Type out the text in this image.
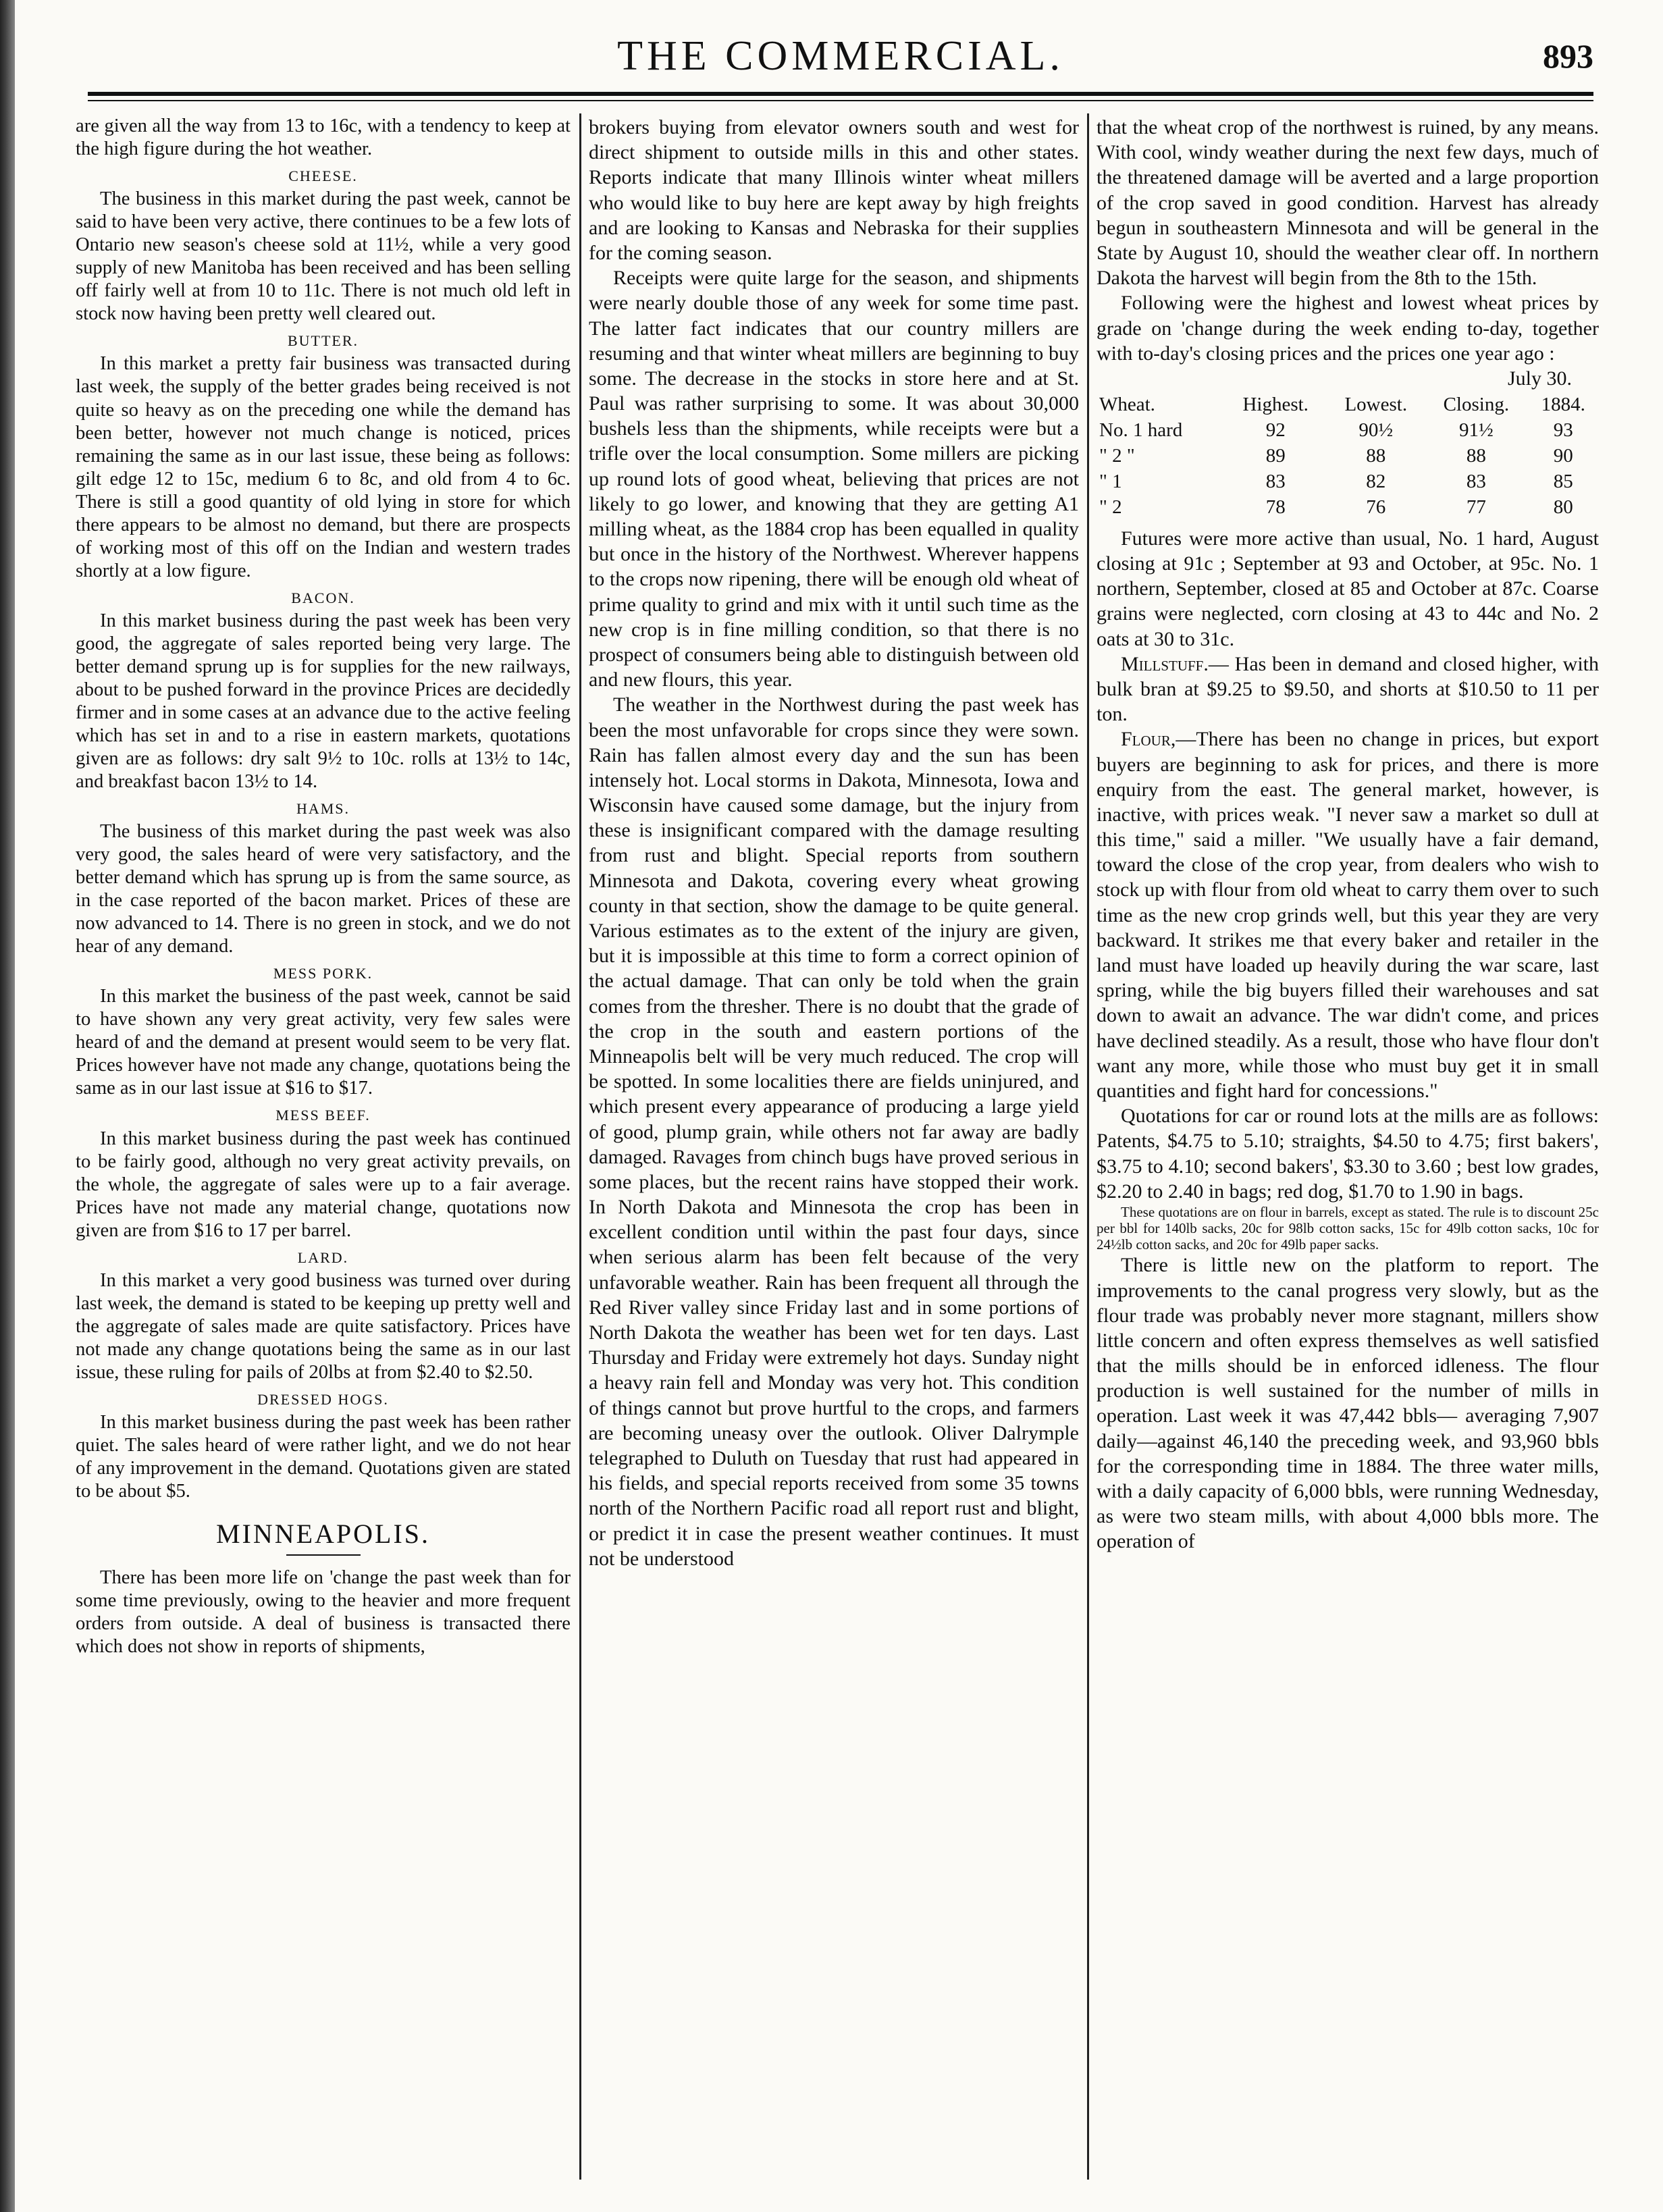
THE COMMERCIAL.	893

are given all the way from 13 to 16c, with a tendency to keep at the high figure during the hot weather.

CHEESE.

The business in this market during the past week, cannot be said to have been very active, there continues to be a few lots of Ontario new season's cheese sold at 11½, while a very good supply of new Manitoba has been received and has been selling off fairly well at from 10 to 11c. There is not much old left in stock now having been pretty well cleared out.

BUTTER.

In this market a pretty fair business was transacted during last week, the supply of the better grades being received is not quite so heavy as on the preceding one while the demand has been better, however not much change is noticed, prices remaining the same as in our last issue, these being as follows: gilt edge 12 to 15c, medium 6 to 8c, and old from 4 to 6c. There is still a good quantity of old lying in store for which there appears to be almost no demand, but there are prospects of working most of this off on the Indian and western trades shortly at a low figure.

BACON.

In this market business during the past week has been very good, the aggregate of sales reported being very large. The better demand sprung up is for supplies for the new railways, about to be pushed forward in the province Prices are decidedly firmer and in some cases at an advance due to the active feeling which has set in and to a rise in eastern markets, quotations given are as follows: dry salt 9½ to 10c. rolls at 13½ to 14c, and breakfast bacon 13½ to 14.

HAMS.

The business of this market during the past week was also very good, the sales heard of were very satisfactory, and the better demand which has sprung up is from the same source, as in the case reported of the bacon market. Prices of these are now advanced to 14. There is no green in stock, and we do not hear of any demand.

MESS PORK.

In this market the business of the past week, cannot be said to have shown any very great activity, very few sales were heard of and the demand at present would seem to be very flat. Prices however have not made any change, quotations being the same as in our last issue at $16 to $17.

MESS BEEF.

In this market business during the past week has continued to be fairly good, although no very great activity prevails, on the whole, the aggregate of sales were up to a fair average. Prices have not made any material change, quotations now given are from $16 to 17 per barrel.

LARD.

In this market a very good business was turned over during last week, the demand is stated to be keeping up pretty well and the aggregate of sales made are quite satisfactory. Prices have not made any change quotations being the same as in our last issue, these ruling for pails of 20lbs at from $2.40 to $2.50.

DRESSED HOGS.

In this market business during the past week has been rather quiet. The sales heard of were rather light, and we do not hear of any improvement in the demand. Quotations given are stated to be about $5.

MINNEAPOLIS.

There has been more life on 'change the past week than for some time previously, owing to the heavier and more frequent orders from outside. A deal of business is transacted there which does not show in reports of shipments,

brokers buying from elevator owners south and west for direct shipment to outside mills in this and other states. Reports indicate that many Illinois winter wheat millers who would like to buy here are kept away by high freights and are looking to Kansas and Nebraska for their supplies for the coming season.

Receipts were quite large for the season, and shipments were nearly double those of any week for some time past. The latter fact indicates that our country millers are resuming and that winter wheat millers are beginning to buy some. The decrease in the stocks in store here and at St. Paul was rather surprising to some. It was about 30,000 bushels less than the shipments, while receipts were but a trifle over the local consumption. Some millers are picking up round lots of good wheat, believing that prices are not likely to go lower, and knowing that they are getting A1 milling wheat, as the 1884 crop has been equalled in quality but once in the history of the Northwest. Wherever happens to the crops now ripening, there will be enough old wheat of prime quality to grind and mix with it until such time as the new crop is in fine milling condition, so that there is no prospect of consumers being able to distinguish between old and new flours, this year.

The weather in the Northwest during the past week has been the most unfavorable for crops since they were sown. Rain has fallen almost every day and the sun has been intensely hot. Local storms in Dakota, Minnesota, Iowa and Wisconsin have caused some damage, but the injury from these is insignificant compared with the damage resulting from rust and blight. Special reports from southern Minnesota and Dakota, covering every wheat growing county in that section, show the damage to be quite general. Various estimates as to the extent of the injury are given, but it is impossible at this time to form a correct opinion of the actual damage. That can only be told when the grain comes from the thresher. There is no doubt that the grade of the crop in the south and eastern portions of the Minneapolis belt will be very much reduced. The crop will be spotted. In some localities there are fields uninjured, and which present every appearance of producing a large yield of good, plump grain, while others not far away are badly damaged. Ravages from chinch bugs have proved serious in some places, but the recent rains have stopped their work. In North Dakota and Minnesota the crop has been in excellent condition until within the past four days, since when serious alarm has been felt because of the very unfavorable weather. Rain has been frequent all through the Red River valley since Friday last and in some portions of North Dakota the weather has been wet for ten days. Last Thursday and Friday were extremely hot days. Sunday night a heavy rain fell and Monday was very hot. This condition of things cannot but prove hurtful to the crops, and farmers are becoming uneasy over the outlook. Oliver Dalrymple telegraphed to Duluth on Tuesday that rust had appeared in his fields, and special reports received from some 35 towns north of the Northern Pacific road all report rust and blight, or predict it in case the present weather continues. It must not be understood

that the wheat crop of the northwest is ruined, by any means. With cool, windy weather during the next few days, much of the threatened damage will be averted and a large proportion of the crop saved in good condition. Harvest has already begun in southeastern Minnesota and will be general in the State by August 10, should the weather clear off. In northern Dakota the harvest will begin from the 8th to the 15th.

Following were the highest and lowest wheat prices by grade on 'change during the week ending to-day, together with to-day's closing prices and the prices one year ago :

July 30.
Wheat.	Highest.	Lowest.	Closing.	1884.
No. 1 hard	92	90½	91½	93
" 2 "	89	88	88	90
" 1	83	82	83	85
" 2	78	76	77	80

Futures were more active than usual, No. 1 hard, August closing at 91c ; September at 93 and October, at 95c. No. 1 northern, September, closed at 85 and October at 87c. Coarse grains were neglected, corn closing at 43 to 44c and No. 2 oats at 30 to 31c.

Millstuff.— Has been in demand and closed higher, with bulk bran at $9.25 to $9.50, and shorts at $10.50 to 11 per ton.

Flour,—There has been no change in prices, but export buyers are beginning to ask for prices, and there is more enquiry from the east. The general market, however, is inactive, with prices weak. "I never saw a market so dull at this time," said a miller. "We usually have a fair demand, toward the close of the crop year, from dealers who wish to stock up with flour from old wheat to carry them over to such time as the new crop grinds well, but this year they are very backward. It strikes me that every baker and retailer in the land must have loaded up heavily during the war scare, last spring, while the big buyers filled their warehouses and sat down to await an advance. The war didn't come, and prices have declined steadily. As a result, those who have flour don't want any more, while those who must buy get it in small quantities and fight hard for concessions."

Quotations for car or round lots at the mills are as follows: Patents, $4.75 to 5.10; straights, $4.50 to 4.75; first bakers', $3.75 to 4.10; second bakers', $3.30 to 3.60 ; best low grades, $2.20 to 2.40 in bags; red dog, $1.70 to 1.90 in bags.

These quotations are on flour in barrels, except as stated. The rule is to discount 25c per bbl for 140lb sacks, 20c for 98lb cotton sacks, 15c for 49lb cotton sacks, 10c for 24½lb cotton sacks, and 20c for 49lb paper sacks.

There is little new on the platform to report. The improvements to the canal progress very slowly, but as the flour trade was probably never more stagnant, millers show little concern and often express themselves as well satisfied that the mills should be in enforced idleness. The flour production is well sustained for the number of mills in operation. Last week it was 47,442 bbls— averaging 7,907 daily—against 46,140 the preceding week, and 93,960 bbls for the corresponding time in 1884. The three water mills, with a daily capacity of 6,000 bbls, were running Wednesday, as were two steam mills, with about 4,000 bbls more. The operation of
